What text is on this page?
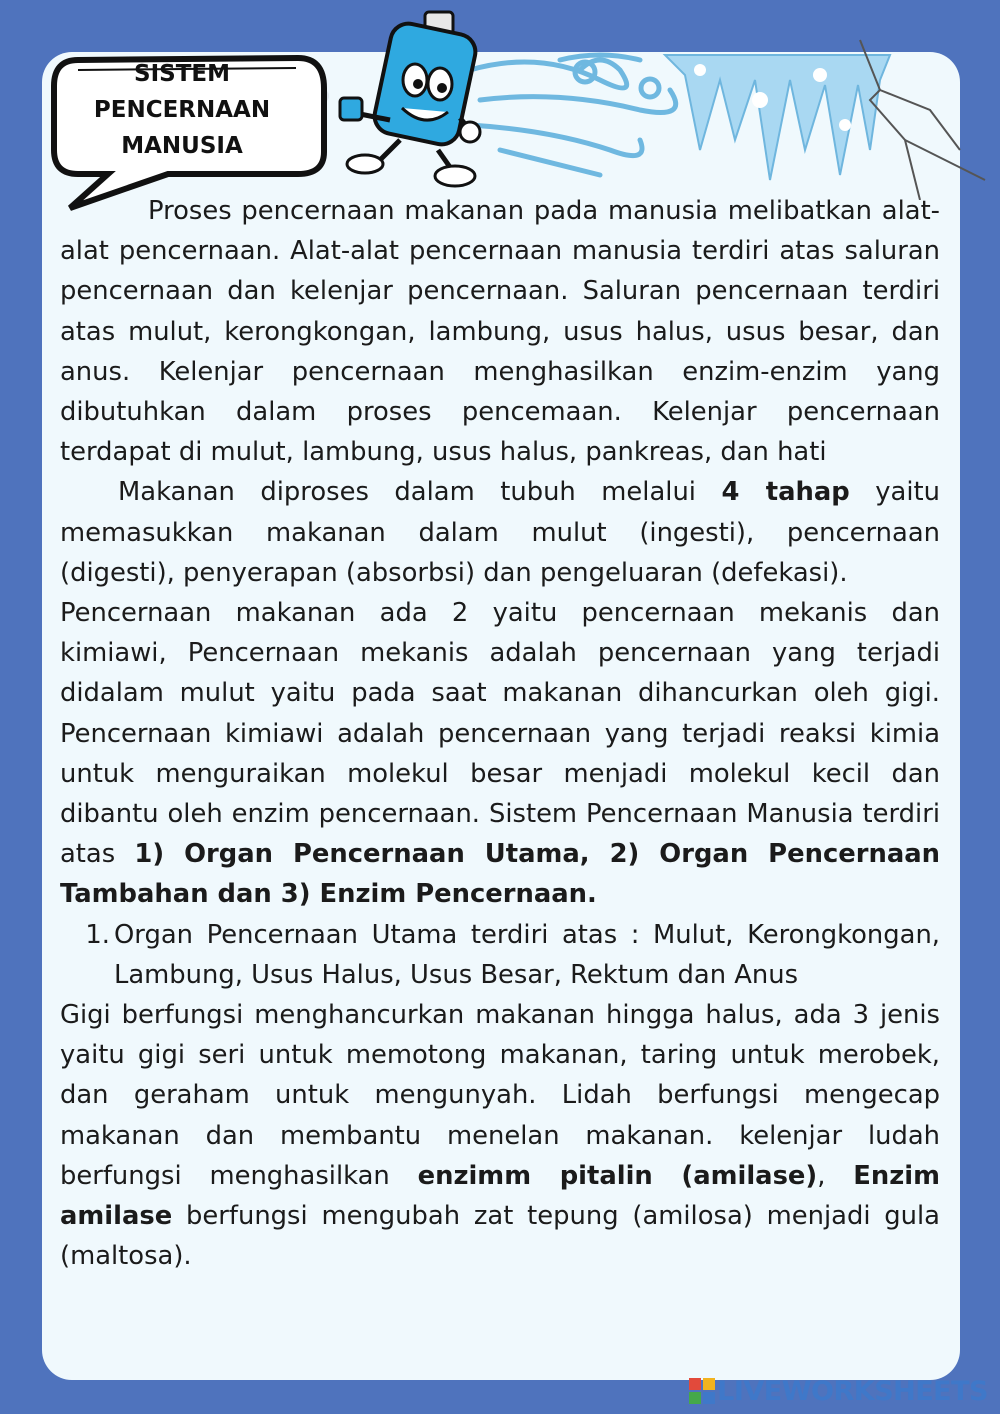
SISTEM PENCERNAAN MANUSIA

Proses pencernaan makanan pada manusia melibatkan alat-alat pencernaan. Alat-alat pencernaan manusia terdiri atas saluran pencernaan dan kelenjar pencernaan. Saluran pencernaan terdiri atas mulut, kerongkongan, lambung, usus halus, usus besar, dan anus. Kelenjar pencernaan menghasilkan enzim-enzim yang dibutuhkan dalam proses pencemaan. Kelenjar pencernaan terdapat di mulut, lambung, usus halus, pankreas, dan hati

Makanan diproses dalam tubuh melalui 4 tahap yaitu memasukkan makanan dalam mulut (ingesti), pencernaan (digesti), penyerapan (absorbsi) dan pengeluaran (defekasi).

Pencernaan makanan ada 2 yaitu pencernaan mekanis dan kimiawi, Pencernaan mekanis adalah pencernaan yang terjadi didalam mulut yaitu pada saat makanan dihancurkan oleh gigi. Pencernaan kimiawi adalah pencernaan yang terjadi reaksi kimia untuk menguraikan molekul besar menjadi molekul kecil dan dibantu oleh enzim pencernaan. Sistem Pencernaan Manusia terdiri atas 1) Organ Pencernaan Utama, 2) Organ Pencernaan Tambahan dan 3) Enzim Pencernaan.

1. Organ Pencernaan Utama terdiri atas : Mulut, Kerongkongan, Lambung, Usus Halus, Usus Besar, Rektum dan Anus

Gigi berfungsi menghancurkan makanan hingga halus, ada 3 jenis yaitu gigi seri untuk memotong makanan, taring untuk merobek, dan geraham untuk mengunyah. Lidah berfungsi mengecap makanan dan membantu menelan makanan. kelenjar ludah berfungsi menghasilkan enzimm pitalin (amilase), Enzim amilase berfungsi mengubah zat tepung (amilosa) menjadi gula (maltosa).

LIVEWORKSHEETS
